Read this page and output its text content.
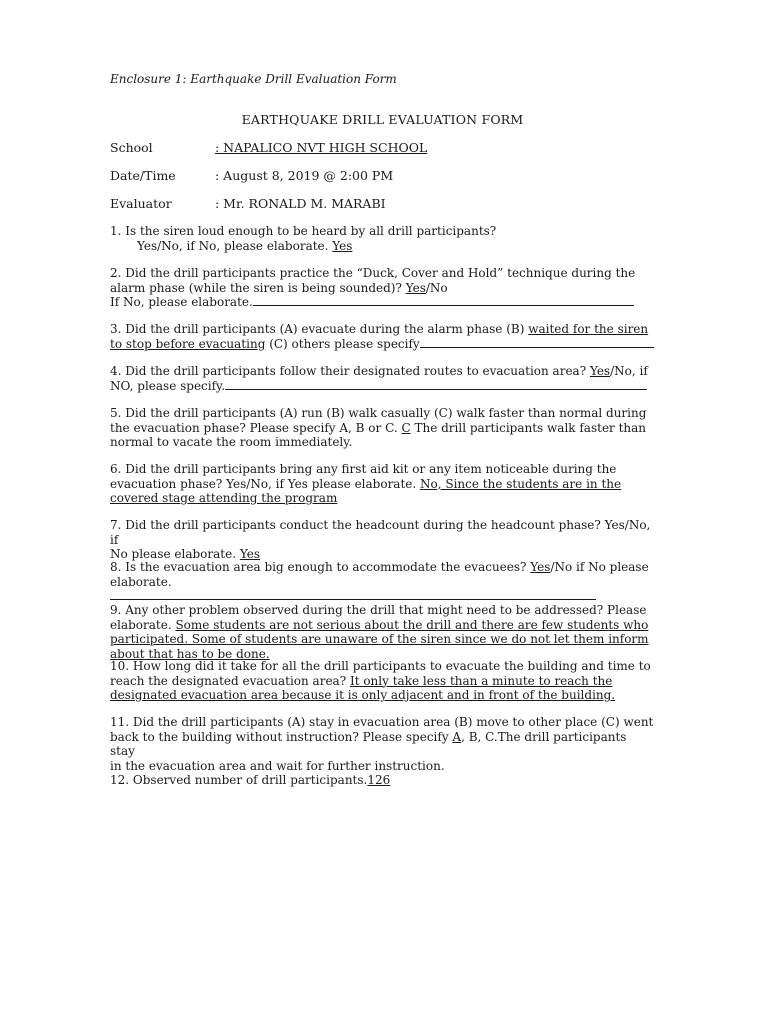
Enclosure 1: Earthquake Drill Evaluation Form
EARTHQUAKE DRILL EVALUATION FORM
School	: NAPALICO NVT HIGH SCHOOL
Date/Time	: August 8, 2019 @ 2:00 PM
Evaluator	: Mr. RONALD M. MARABI
1. Is the siren loud enough to be heard by all drill participants?
Yes/No, if No, please elaborate. Yes
2. Did the drill participants practice the “Duck, Cover and Hold” technique during the
alarm phase (while the siren is being sounded)? Yes/No
If No, please elaborate.
3. Did the drill participants (A) evacuate during the alarm phase (B) waited for the siren
to stop before evacuating (C) others please specify
4. Did the drill participants follow their designated routes to evacuation area? Yes/No, if
NO, please specify.
5. Did the drill participants (A) run (B) walk casually (C) walk faster than normal during
the evacuation phase? Please specify A, B or C. C The drill participants walk faster than
normal to vacate the room immediately.
6. Did the drill participants bring any first aid kit or any item noticeable during the
evacuation phase? Yes/No, if Yes please elaborate. No, Since the students are in the
covered stage attending the program
7. Did the drill participants conduct the headcount during the headcount phase? Yes/No, if
No please elaborate. Yes
8. Is the evacuation area big enough to accommodate the evacuees? Yes/No if No please
elaborate.
9. Any other problem observed during the drill that might need to be addressed? Please
elaborate. Some students are not serious about the drill and there are few students who
participated. Some of students are unaware of the siren since we do not let them inform
about that has to be done.
10. How long did it take for all the drill participants to evacuate the building and time to
reach the designated evacuation area? It only take less than a minute to reach the
designated evacuation area because it is only adjacent and in front of the building.
11. Did the drill participants (A) stay in evacuation area (B) move to other place (C) went
back to the building without instruction? Please specify A, B, C.The drill participants stay
in the evacuation area and wait for further instruction.
12. Observed number of drill participants.126
